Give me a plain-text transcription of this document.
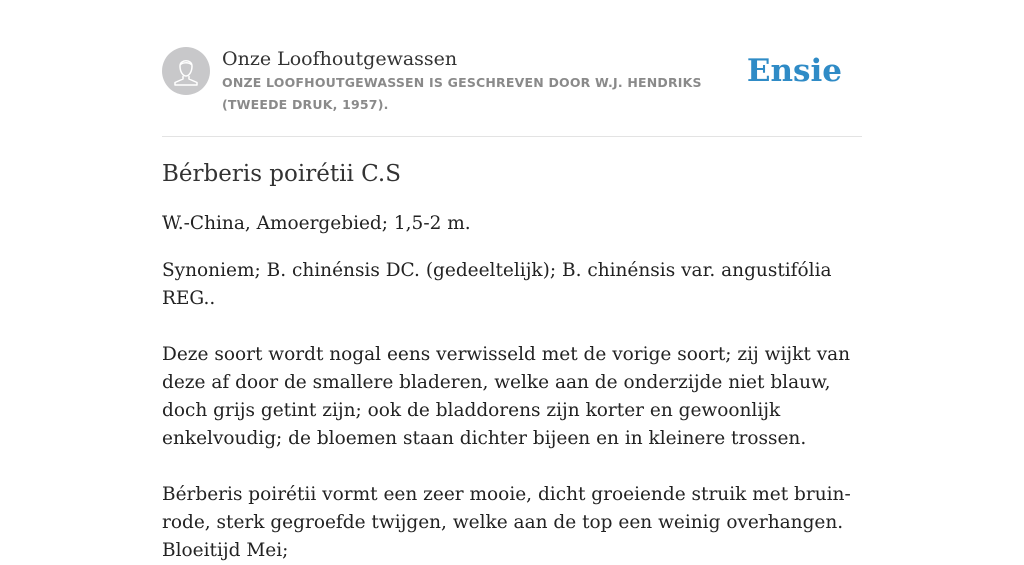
Onze Loofhoutgewassen
ONZE LOOFHOUTGEWASSEN IS GESCHREVEN DOOR W.J. HENDRIKS (TWEEDE DRUK, 1957).
Ensie
Bérberis poirétii C.S

W.-China, Amoergebied; 1,5-2 m.

Synoniem; B. chinénsis DC. (gedeeltelijk); B. chinénsis var. angustifólia REG..

Deze soort wordt nogal eens verwisseld met de vorige soort; zij wijkt van deze af door de smallere bladeren, welke aan de onderzijde niet blauw, doch grijs getint zijn; ook de bladdorens zijn korter en gewoonlijk enkelvoudig; de bloemen staan dichter bijeen en in kleinere trossen.

Bérberis poirétii vormt een zeer mooie, dicht groeiende struik met bruin-rode, sterk gegroefde twijgen, welke aan de top een weinig overhangen. Bloeitijd Mei;
